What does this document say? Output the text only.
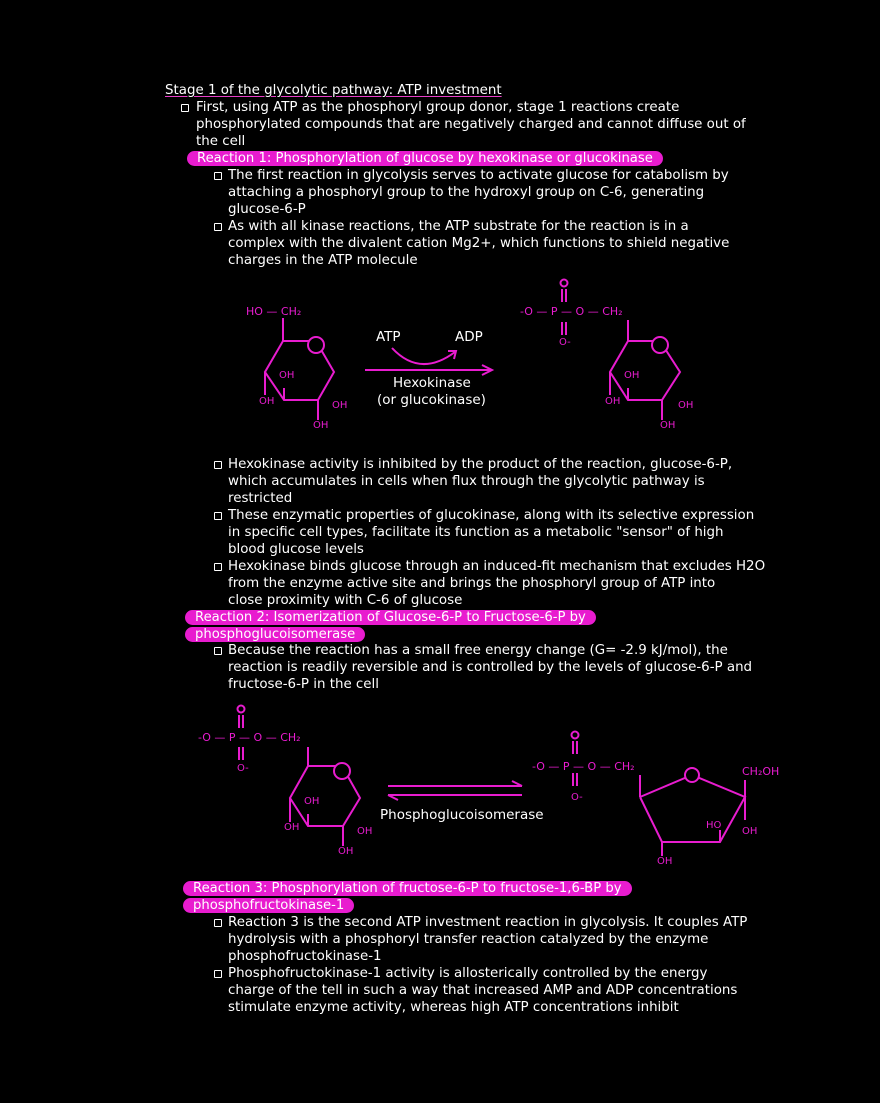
Stage 1 of the glycolytic pathway: ATP investment
First, using ATP as the phosphoryl group donor, stage 1 reactions create
phosphorylated compounds that are negatively charged and cannot diffuse out of
the cell
Reaction 1: Phosphorylation of glucose by hexokinase or glucokinase
The first reaction in glycolysis serves to activate glucose for catabolism by
attaching a phosphoryl group to the hydroxyl group on C-6, generating
glucose-6-P
As with all kinase reactions, the ATP substrate for the reaction is in a
complex with the divalent cation Mg2+, which functions to shield negative
charges in the ATP molecule
HO — CH₂
OH
OH	OH
OH
ATP	ADP
Hexokinase
(or glucokinase)
-O — P — O — CH₂
O-
OH
OH	OH
OH
Hexokinase activity is inhibited by the product of the reaction, glucose-6-P,
which accumulates in cells when flux through the glycolytic pathway is
restricted
These enzymatic properties of glucokinase, along with its selective expression
in specific cell types, facilitate its function as a metabolic "sensor" of high
blood glucose levels
Hexokinase binds glucose through an induced-fit mechanism that excludes H2O
from the enzyme active site and brings the phosphoryl group of ATP into
close proximity with C-6 of glucose
Reaction 2: Isomerization of Glucose-6-P to Fructose-6-P by
phosphoglucoisomerase
Because the reaction has a small free energy change (G= -2.9 kJ/mol), the
reaction is readily reversible and is controlled by the levels of glucose-6-P and
fructose-6-P in the cell
-O — P — O — CH₂
O-
OH
OH	OH
OH
Phosphoglucoisomerase
-O — P — O — CH₂
O-
CH₂OH
HO
OH
OH
Reaction 3: Phosphorylation of fructose-6-P to fructose-1,6-BP by
phosphofructokinase-1
Reaction 3 is the second ATP investment reaction in glycolysis. It couples ATP
hydrolysis with a phosphoryl transfer reaction catalyzed by the enzyme
phosphofructokinase-1
Phosphofructokinase-1 activity is allosterically controlled by the energy
charge of the tell in such a way that increased AMP and ADP concentrations
stimulate enzyme activity, whereas high ATP concentrations inhibit
